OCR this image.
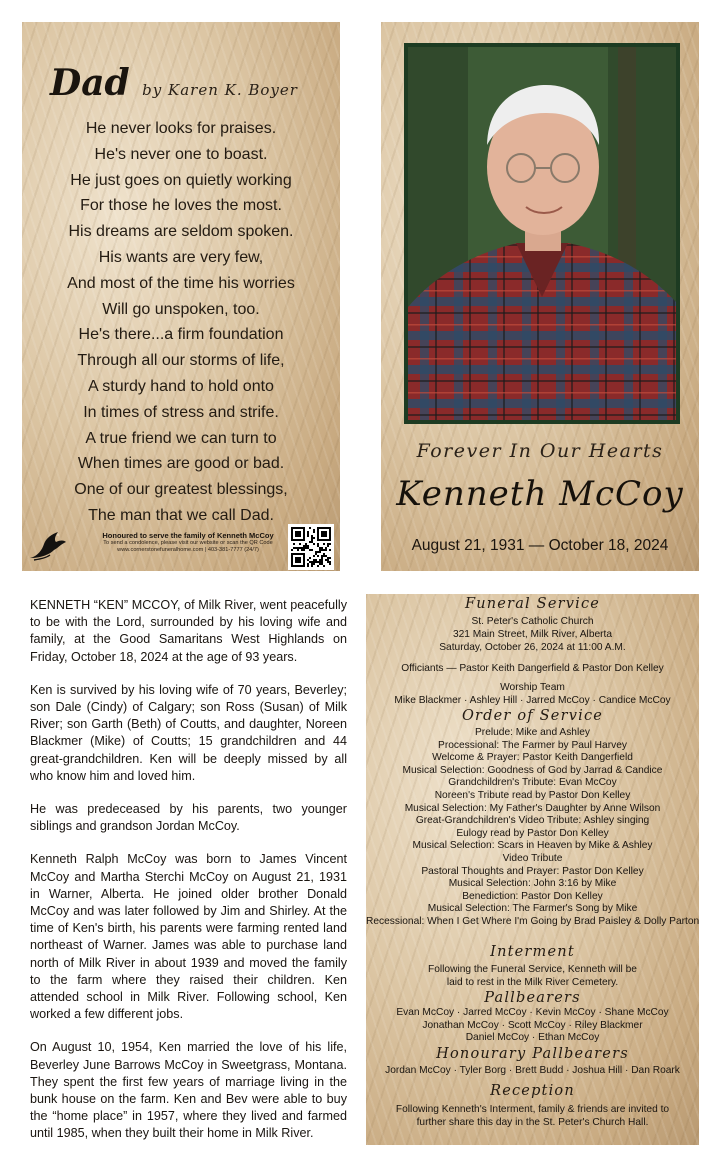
Dad by Karen K. Boyer
He never looks for praises.
He's never one to boast.
He just goes on quietly working
For those he loves the most.
His dreams are seldom spoken.
His wants are very few,
And most of the time his worries
Will go unspoken, too.
He's there...a firm foundation
Through all our storms of life,
A sturdy hand to hold onto
In times of stress and strife.
A true friend we can turn to
When times are good or bad.
One of our greatest blessings,
The man that we call Dad.
Honoured to serve the family of Kenneth McCoy
To send a condolence, please visit our website or scan the QR Code
www.cornerstonefuneralhome.com | 403-381-7777 (24/7)
Forever In Our Hearts
Kenneth McCoy
August 21, 1931 — October 18, 2024

KENNETH “KEN” MCCOY, of Milk River, went peacefully to be with the Lord, surrounded by his loving wife and family, at the Good Samaritans West Highlands on Friday, October 18, 2024 at the age of 93 years.

Ken is survived by his loving wife of 70 years, Beverley; son Dale (Cindy) of Calgary; son Ross (Susan) of Milk River; son Garth (Beth) of Coutts, and daughter, Noreen Blackmer (Mike) of Coutts; 15 grandchildren and 44 great-grandchildren. Ken will be deeply missed by all who know him and loved him.

He was predeceased by his parents, two younger siblings and grandson Jordan McCoy.

Kenneth Ralph McCoy was born to James Vincent McCoy and Martha Sterchi McCoy on August 21, 1931 in Warner, Alberta. He joined older brother Donald McCoy and was later followed by Jim and Shirley. At the time of Ken's birth, his parents were farming rented land northeast of Warner. James was able to purchase land north of Milk River in about 1939 and moved the family to the farm where they raised their children. Ken attended school in Milk River. Following school, Ken worked a few different jobs.

On August 10, 1954, Ken married the love of his life, Beverley June Barrows McCoy in Sweetgrass, Montana. They spent the first few years of marriage living in the bunk house on the farm. Ken and Bev were able to buy the “home place” in 1957, where they lived and farmed until 1985, when they built their home in Milk River.

Funeral Service
St. Peter's Catholic Church
321 Main Street, Milk River, Alberta
Saturday, October 26, 2024 at 11:00 A.M.
Officiants — Pastor Keith Dangerfield & Pastor Don Kelley
Worship Team
Mike Blackmer · Ashley Hill · Jarred McCoy · Candice McCoy
Order of Service
Prelude: Mike and Ashley
Processional: The Farmer by Paul Harvey
Welcome & Prayer: Pastor Keith Dangerfield
Musical Selection: Goodness of God by Jarrad & Candice
Grandchildren's Tribute: Evan McCoy
Noreen's Tribute read by Pastor Don Kelley
Musical Selection: My Father's Daughter by Anne Wilson
Great-Grandchildren's Video Tribute: Ashley singing
Eulogy read by Pastor Don Kelley
Musical Selection: Scars in Heaven by Mike & Ashley
Video Tribute
Pastoral Thoughts and Prayer: Pastor Don Kelley
Musical Selection: John 3:16 by Mike
Benediction: Pastor Don Kelley
Musical Selection: The Farmer's Song by Mike
Recessional: When I Get Where I'm Going by Brad Paisley & Dolly Parton
Interment
Following the Funeral Service, Kenneth will be
laid to rest in the Milk River Cemetery.
Pallbearers
Evan McCoy · Jarred McCoy · Kevin McCoy · Shane McCoy
Jonathan McCoy · Scott McCoy · Riley Blackmer
Daniel McCoy · Ethan McCoy
Honourary Pallbearers
Jordan McCoy · Tyler Borg · Brett Budd · Joshua Hill · Dan Roark
Reception
Following Kenneth's Interment, family & friends are invited to
further share this day in the St. Peter's Church Hall.
